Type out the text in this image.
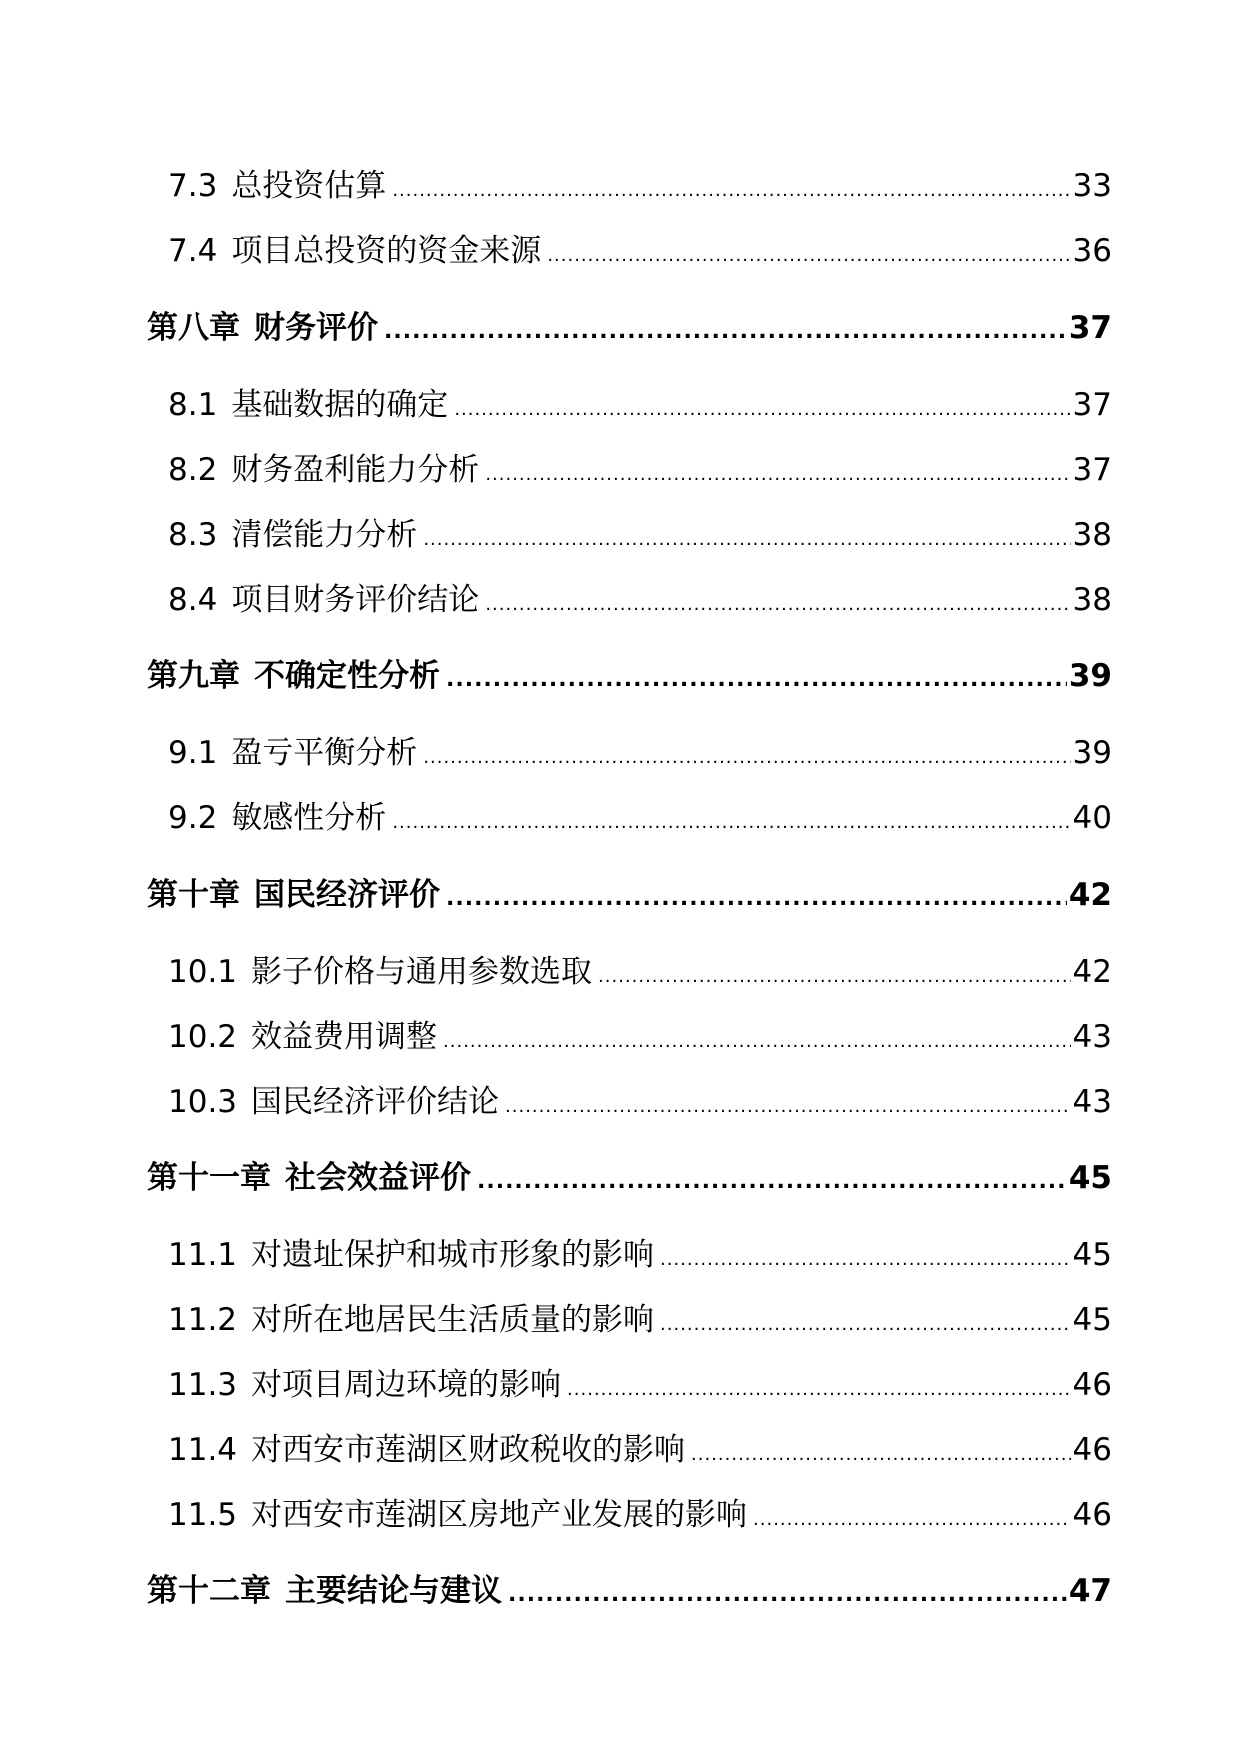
7.3 总投资估算 .....	33
7.4 项目总投资的资金来源 .....	36
第八章 财务评价 .....	37
8.1 基础数据的确定 .....	37
8.2 财务盈利能力分析 .....	37
8.3 清偿能力分析 .....	38
8.4 项目财务评价结论 .....	38
第九章 不确定性分析 .....	39
9.1 盈亏平衡分析 .....	39
9.2 敏感性分析 .....	40
第十章 国民经济评价 .....	42
10.1 影子价格与通用参数选取 .....	42
10.2 效益费用调整 .....	43
10.3 国民经济评价结论 .....	43
第十一章 社会效益评价 .....	45
11.1 对遗址保护和城市形象的影响 .....	45
11.2 对所在地居民生活质量的影响 .....	45
11.3 对项目周边环境的影响 .....	46
11.4 对西安市莲湖区财政税收的影响 .....	46
11.5 对西安市莲湖区房地产业发展的影响 .....	46
第十二章 主要结论与建议 .....	47
